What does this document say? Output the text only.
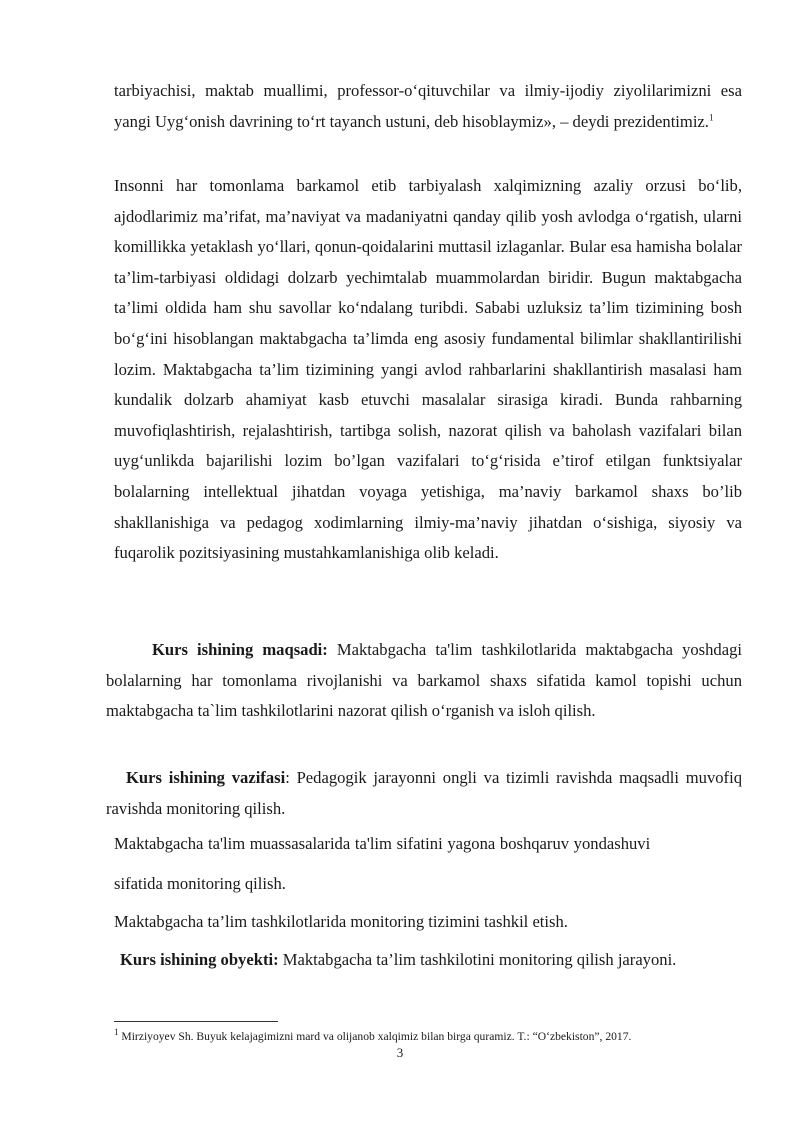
tarbiyachisi, maktab muallimi, professor-o‘qituvchilar va ilmiy-ijodiy ziyolilarimizni esa yangi Uyg‘onish davrining to‘rt tayanch ustuni, deb hisoblaymiz», – deydi prezidentimiz.$^1$

Insonni har tomonlama barkamol etib tarbiyalash xalqimizning azaliy orzusi bo‘lib, ajdodlarimiz ma’rifat, ma’naviyat va madaniyatni qanday qilib yosh avlodga o‘rgatish, ularni komillikka yetaklash yo‘llari, qonun-qoidalarini muttasil izlaganlar. Bular esa hamisha bolalar ta’lim-tarbiyasi oldidagi dolzarb yechimtalab muammolardan biridir. Bugun maktabgacha ta’limi oldida ham shu savollar ko‘ndalang turibdi. Sababi uzluksiz ta’lim tizimining bosh bo‘g‘ini hisoblangan maktabgacha ta’limda eng asosiy fundamental bilimlar shakllantirilishi lozim. Maktabgacha ta’lim tizimining yangi avlod rahbarlarini shakllantirish masalasi ham kundalik dolzarb ahamiyat kasb etuvchi masalalar sirasiga kiradi. Bunda rahbarning muvofiqlashtirish, rejalashtirish, tartibga solish, nazorat qilish va baholash vazifalari bilan uyg‘unlikda bajarilishi lozim bo’lgan vazifalari to‘g‘risida e’tirof etilgan funktsiyalar bolalarning intellektual jihatdan voyaga yetishiga, ma’naviy barkamol shaxs bo’lib shakllanishiga va pedagog xodimlarning ilmiy-ma’naviy jihatdan o‘sishiga, siyosiy va fuqarolik pozitsiyasining mustahkamlanishiga olib keladi.

Kurs ishining maqsadi: Maktabgacha ta'lim tashkilotlarida maktabgacha yoshdagi bolalarning har tomonlama rivojlanishi va barkamol shaxs sifatida kamol topishi uchun maktabgacha ta`lim tashkilotlarini nazorat qilish o‘rganish va isloh qilish.

Kurs ishining vazifasi: Pedagogik jarayonni ongli va tizimli ravishda maqsadli muvofiq ravishda monitoring qilish.

Maktabgacha ta'lim muassasalarida ta'lim sifatini yagona boshqaruv yondashuvi

sifatida monitoring qilish.

Maktabgacha ta’lim tashkilotlarida monitoring tizimini tashkil etish.

Kurs ishining obyekti: Maktabgacha ta’lim tashkilotini monitoring qilish jarayoni.

$^1$ Mirziyoyev Sh. Buyuk kelajagimizni mard va olijanob xalqimiz bilan birga quramiz. T.: “O‘zbekiston”, 2017.
3
